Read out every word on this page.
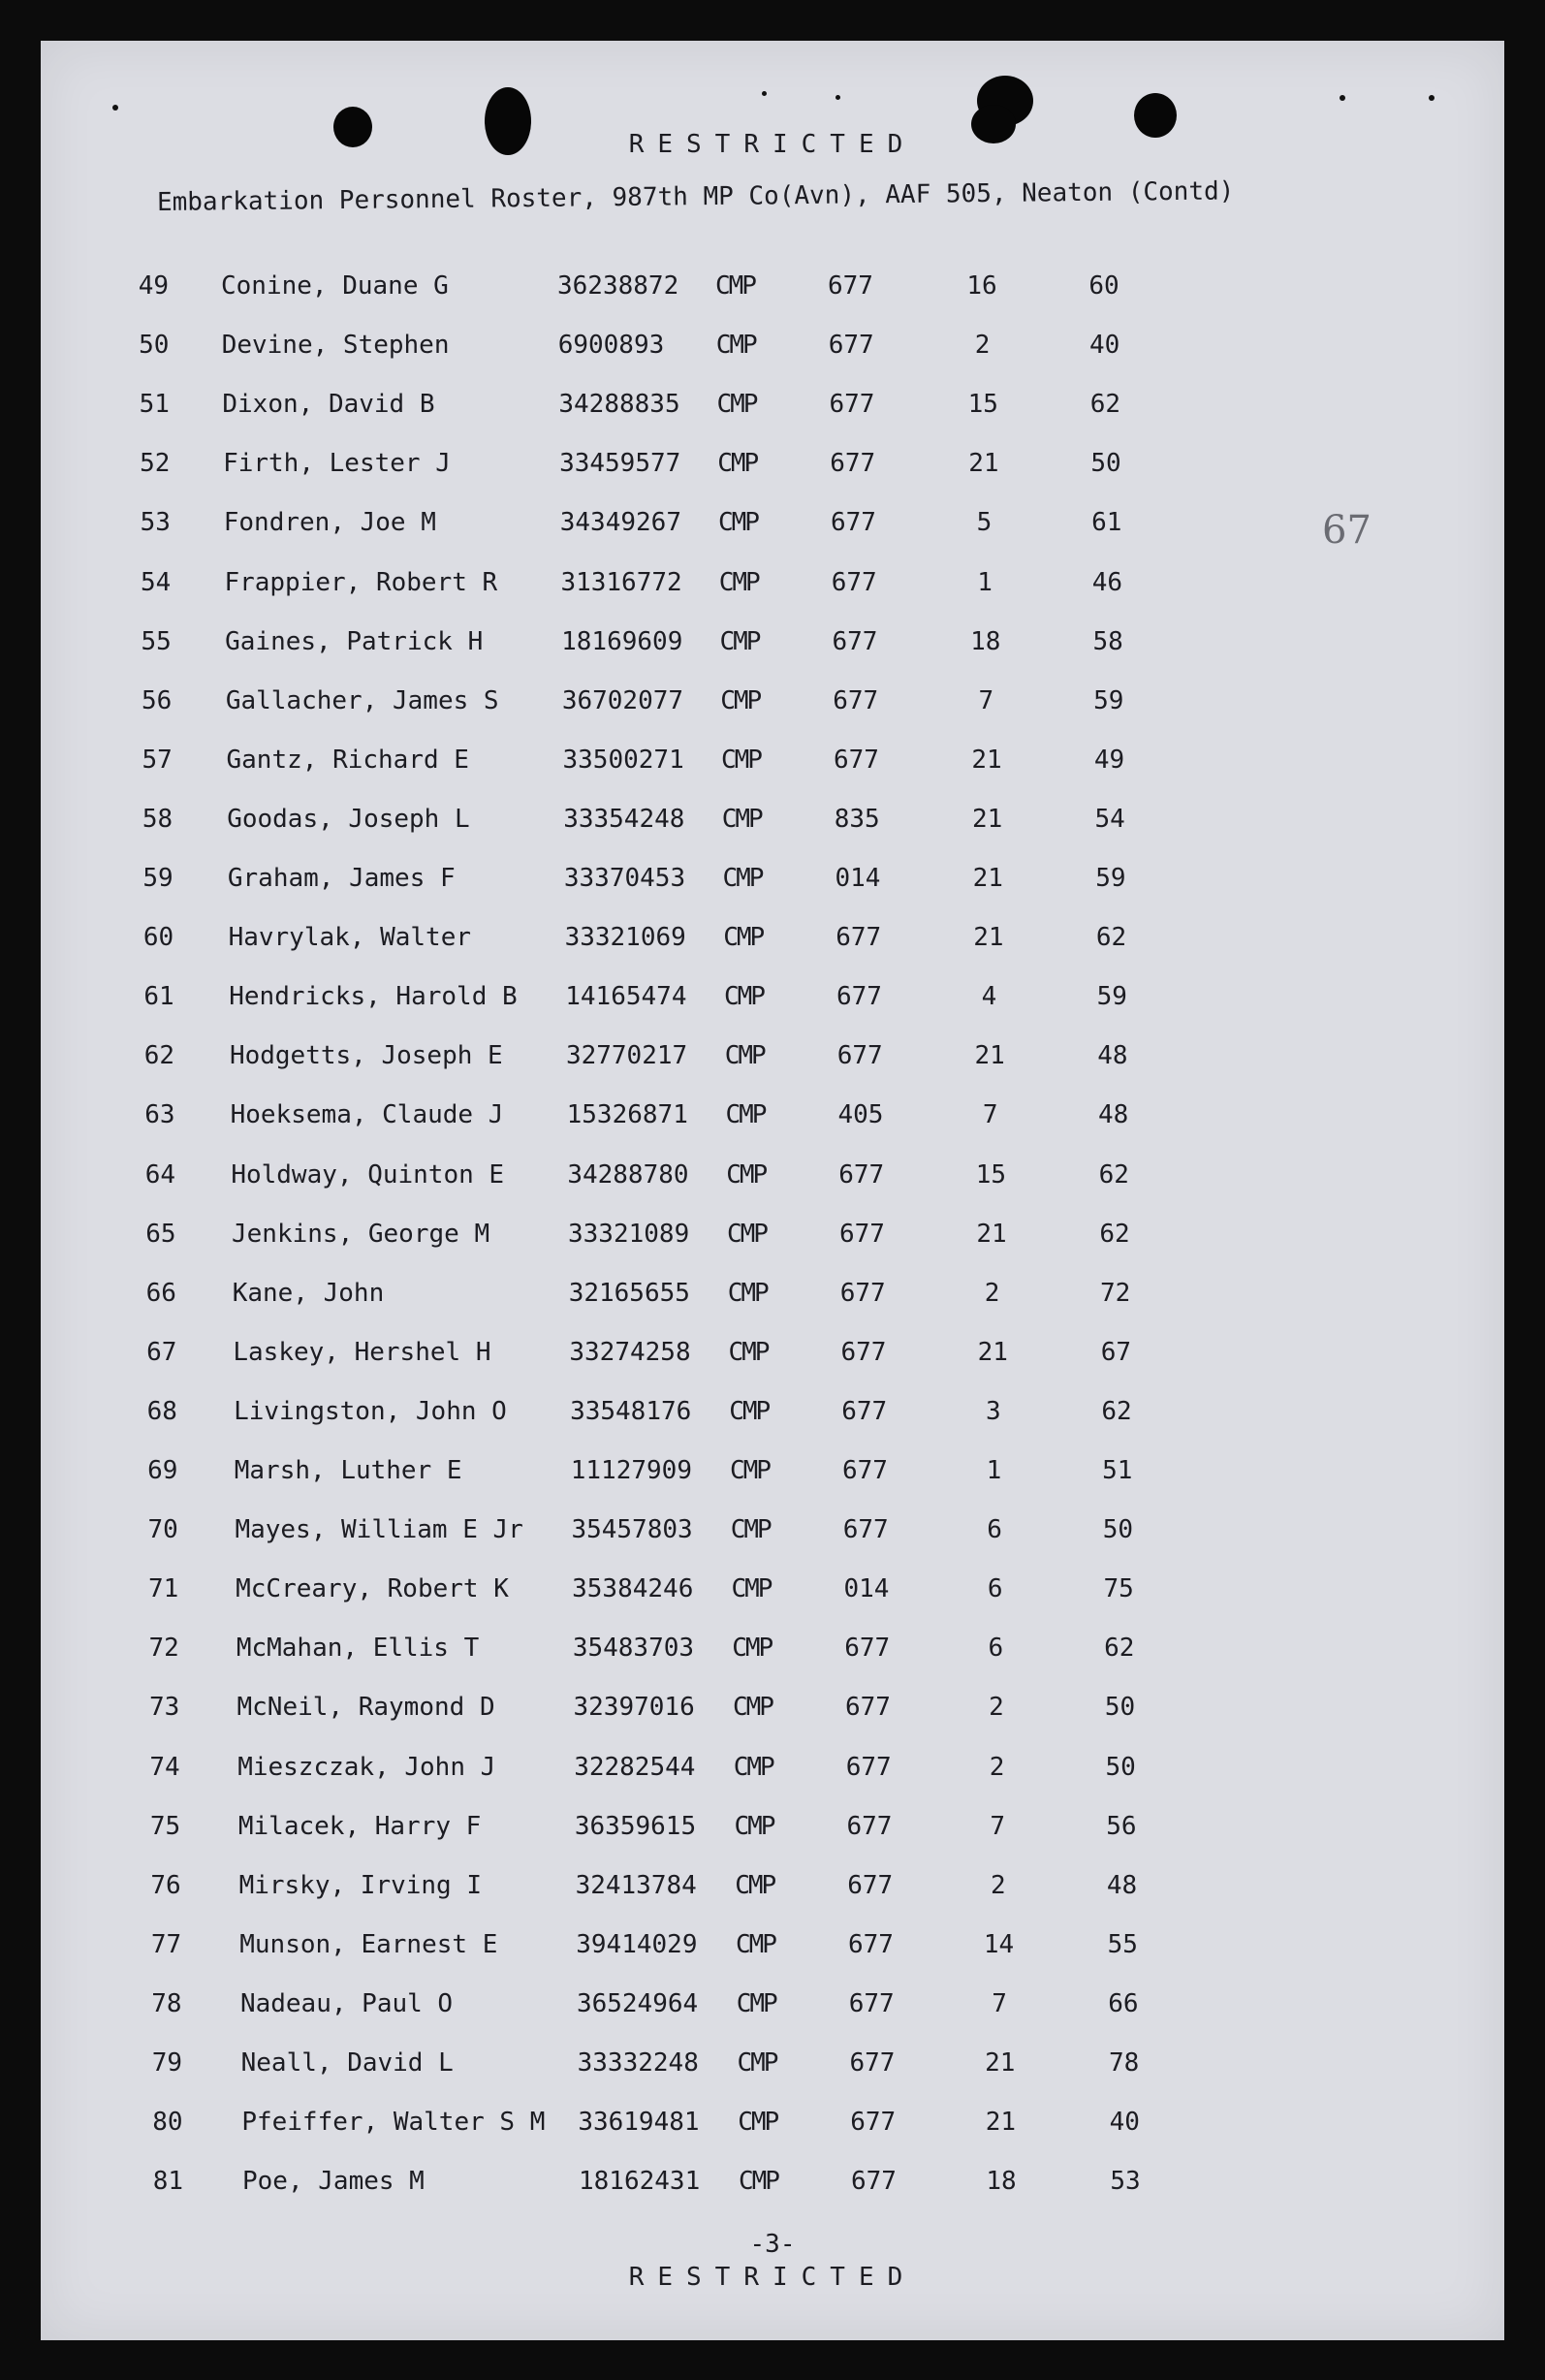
RESTRICTED
Embarkation Personnel Roster, 987th MP Co(Avn), AAF 505, Neaton (Contd)
67
49 Conine, Duane G	36238872 CMP	677	16	60
50 Devine, Stephen	6900893 CMP	677	2	40
51 Dixon, David B	34288835 CMP	677	15	62
52 Firth, Lester J	33459577 CMP	677	21	50
53 Fondren, Joe M	34349267 CMP	677	5	61
54 Frappier, Robert R	31316772 CMP	677	1	46
55 Gaines, Patrick H	18169609 CMP	677	18	58
56 Gallacher, James S	36702077 CMP	677	7	59
57 Gantz, Richard E	33500271 CMP	677	21	49
58 Goodas, Joseph L	33354248 CMP	835	21	54
59 Graham, James F	33370453 CMP	014	21	59
60 Havrylak, Walter	33321069 CMP	677	21	62
61 Hendricks, Harold B 14165474 CMP	677	4	59
62 Hodgetts, Joseph E	32770217 CMP	677	21	48
63 Hoeksema, Claude J	15326871 CMP	405	7	48
64 Holdway, Quinton E	34288780 CMP	677	15	62
65 Jenkins, George M	33321089 CMP	677	21	62
66 Kane, John	32165655 CMP	677	2	72
67 Laskey, Hershel H	33274258 CMP	677	21	67
68 Livingston, John O	33548176 CMP	677	3	62
69 Marsh, Luther E	11127909 CMP	677	1	51
70 Mayes, William E Jr 35457803 CMP	677	6	50
71 McCreary, Robert K	35384246 CMP	014	6	75
72 McMahan, Ellis T	35483703 CMP	677	6	62
73 McNeil, Raymond D	32397016 CMP	677	2	50
74 Mieszczak, John J	32282544 CMP	677	2	50
75 Milacek, Harry F	36359615 CMP	677	7	56
76 Mirsky, Irving I	32413784 CMP	677	2	48
77 Munson, Earnest E	39414029 CMP	677	14	55
78 Nadeau, Paul O	36524964 CMP	677	7	66
79 Neall, David L	33332248 CMP	677	21	78
80 Pfeiffer, Walter S M 33619481 CMP	677	21	40
81 Poe, James M	18162431 CMP	677	18	53
-3-
RESTRICTED
